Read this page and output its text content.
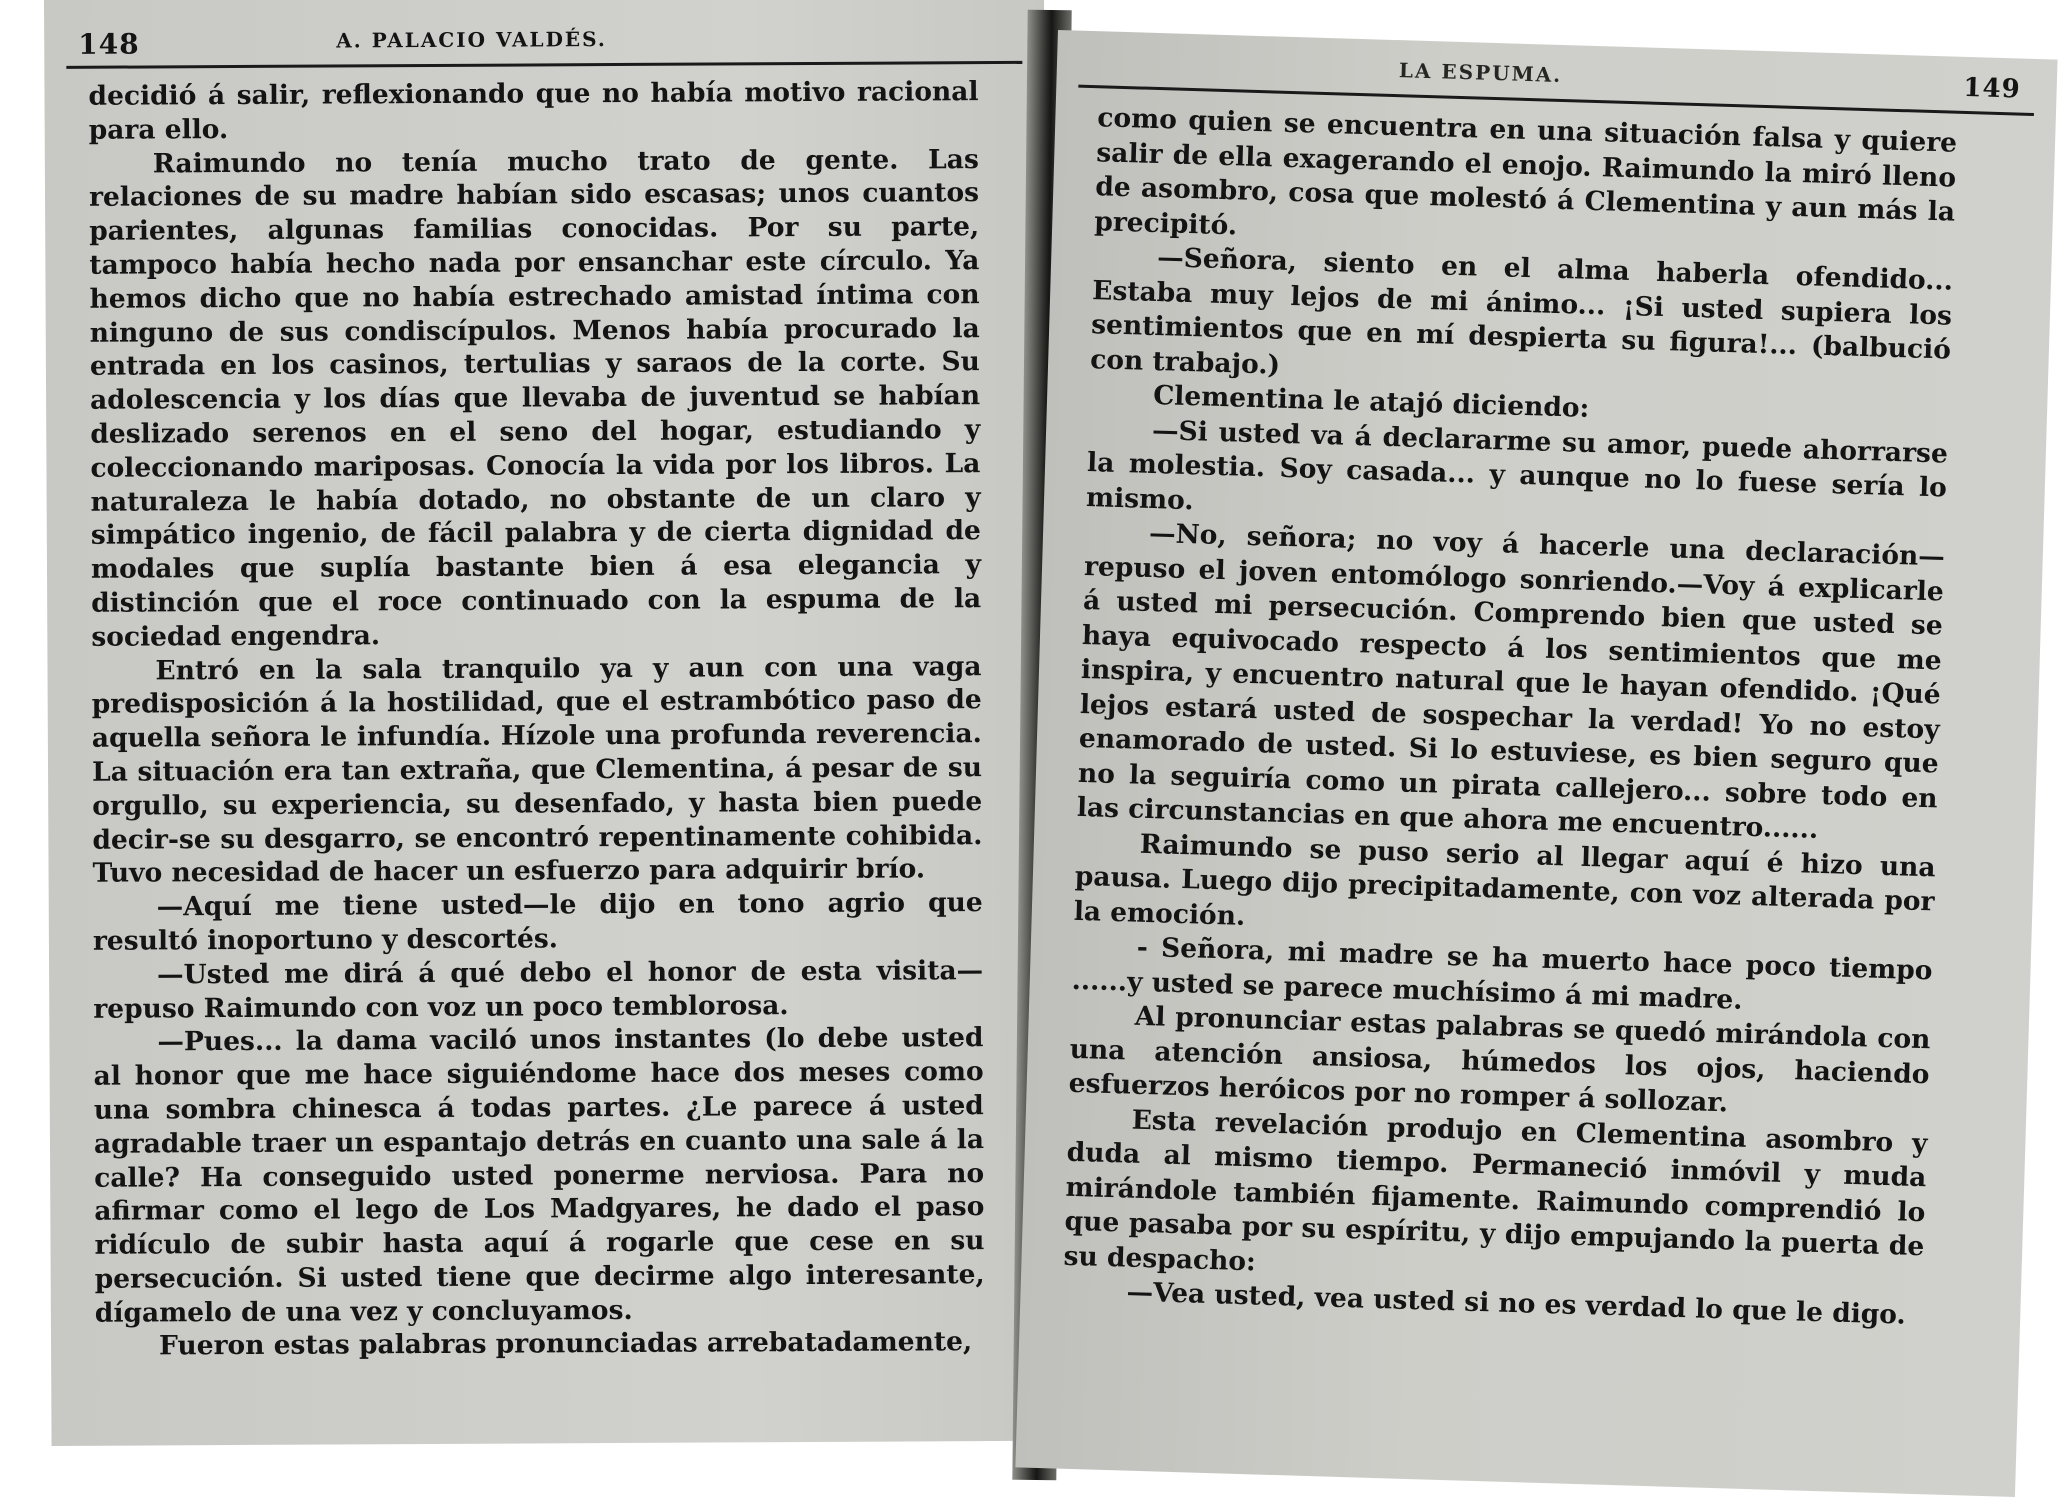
148	A. PALACIO VALDÉS.

decidió á salir, reflexionando que no había motivo racional para ello.

Raimundo no tenía mucho trato de gente. Las relaciones de su madre habían sido escasas; unos cuantos parientes, algunas familias conocidas. Por su parte, tampoco había hecho nada por ensanchar este círculo. Ya hemos dicho que no había estrechado amistad íntima con ninguno de sus condiscípulos. Menos había procurado la entrada en los casinos, tertulias y saraos de la corte. Su adolescencia y los días que llevaba de juventud se habían deslizado serenos en el seno del hogar, estudiando y coleccionando mariposas. Conocía la vida por los libros. La naturaleza le había dotado, no obstante de un claro y simpático ingenio, de fácil palabra y de cierta dignidad de modales que suplía bastante bien á esa elegancia y distinción que el roce continuado con la espuma de la sociedad engendra.

Entró en la sala tranquilo ya y aun con una vaga predisposición á la hostilidad, que el estrambótico paso de aquella señora le infundía. Hízole una profunda reverencia. La situación era tan extraña, que Clementina, á pesar de su orgullo, su experiencia, su desenfado, y hasta bien puede decir-se su desgarro, se encontró repentinamente cohibida. Tuvo necesidad de hacer un esfuerzo para adquirir brío.

—Aquí me tiene usted—le dijo en tono agrio que resultó inoportuno y descortés.

—Usted me dirá á qué debo el honor de esta visita—repuso Raimundo con voz un poco temblorosa.

—Pues... la dama vaciló unos instantes (lo debe usted al honor que me hace siguiéndome hace dos meses como una sombra chinesca á todas partes. ¿Le parece á usted agradable traer un espantajo detrás en cuanto una sale á la calle? Ha conseguido usted ponerme nerviosa. Para no afirmar como el lego de Los Madgyares, he dado el paso ridículo de subir hasta aquí á rogarle que cese en su persecución. Si usted tiene que decirme algo interesante, dígamelo de una vez y concluyamos.

Fueron estas palabras pronunciadas arrebatadamente,

LA ESPUMA.
149

como quien se encuentra en una situación falsa y quiere salir de ella exagerando el enojo. Raimundo la miró lleno de asombro, cosa que molestó á Clementina y aun más la precipitó.

—Señora, siento en el alma haberla ofendido... Estaba muy lejos de mi ánimo... ¡Si usted supiera los sentimientos que en mí despierta su figura!... (balbució con trabajo.)

Clementina le atajó diciendo:

—Si usted va á declararme su amor, puede ahorrarse la molestia. Soy casada... y aunque no lo fuese sería lo mismo.

—No, señora; no voy á hacerle una declaración—repuso el joven entomólogo sonriendo.—Voy á explicarle á usted mi persecución. Comprendo bien que usted se haya equivocado respecto á los sentimientos que me inspira, y encuentro natural que le hayan ofendido. ¡Qué lejos estará usted de sospechar la verdad! Yo no estoy enamorado de usted. Si lo estuviese, es bien seguro que no la seguiría como un pirata callejero... sobre todo en las circunstancias en que ahora me encuentro......

Raimundo se puso serio al llegar aquí é hizo una pausa. Luego dijo precipitadamente, con voz alterada por la emoción.

- Señora, mi madre se ha muerto hace poco tiempo ......y usted se parece muchísimo á mi madre.

Al pronunciar estas palabras se quedó mirándola con una atención ansiosa, húmedos los ojos, haciendo esfuerzos heróicos por no romper á sollozar.

Esta revelación produjo en Clementina asombro y duda al mismo tiempo. Permaneció inmóvil y muda mirándole también fijamente. Raimundo comprendió lo que pasaba por su espíritu, y dijo empujando la puerta de su despacho:

—Vea usted, vea usted si no es verdad lo que le digo.
